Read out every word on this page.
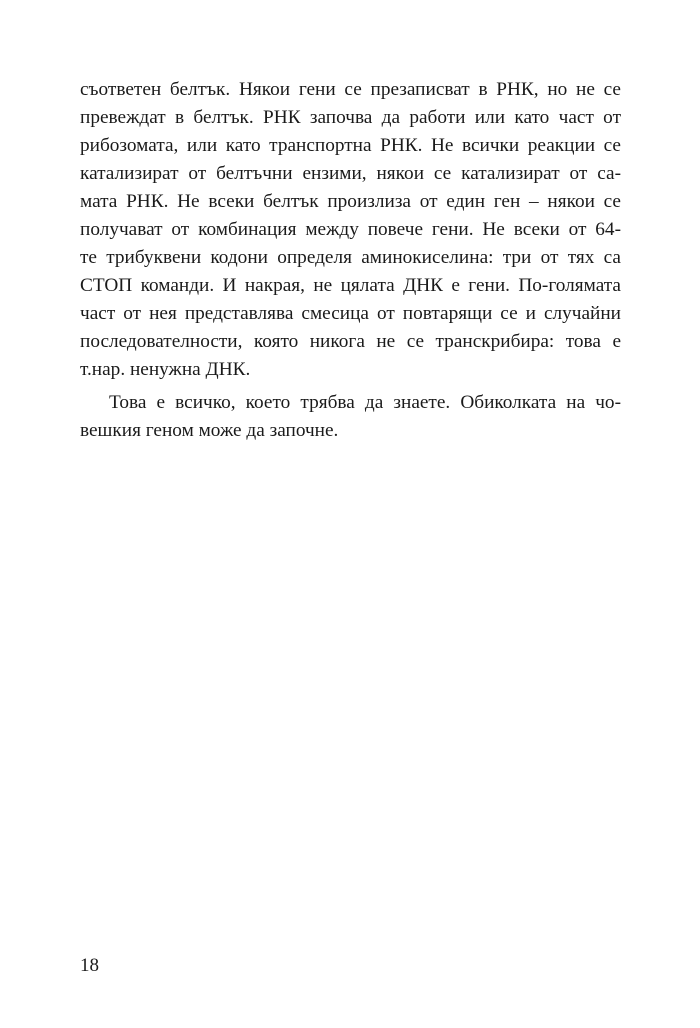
съответен белтък. Някои гени се презаписват в РНК, но не се
превеждат в белтък. РНК започва да работи или като част от
рибозомата, или като транспортна РНК. Не всички реакции се
катализират от белтъчни ензими, някои се катализират от са-
мата РНК. Не всеки белтък произлиза от един ген – някои се
получават от комбинация между повече гени. Не всеки от 64-
те трибуквени кодони определя аминокиселина: три от тях са
СТОП команди. И накрая, не цялата ДНК е гени. По-голямата
част от нея представлява смесица от повтарящи се и случайни
последователности, която никога не се транскрибира: това е
т.нар. ненужна ДНК.
Това е всичко, което трябва да знаете. Обиколката на чо-
вешкия геном може да започне.
18
